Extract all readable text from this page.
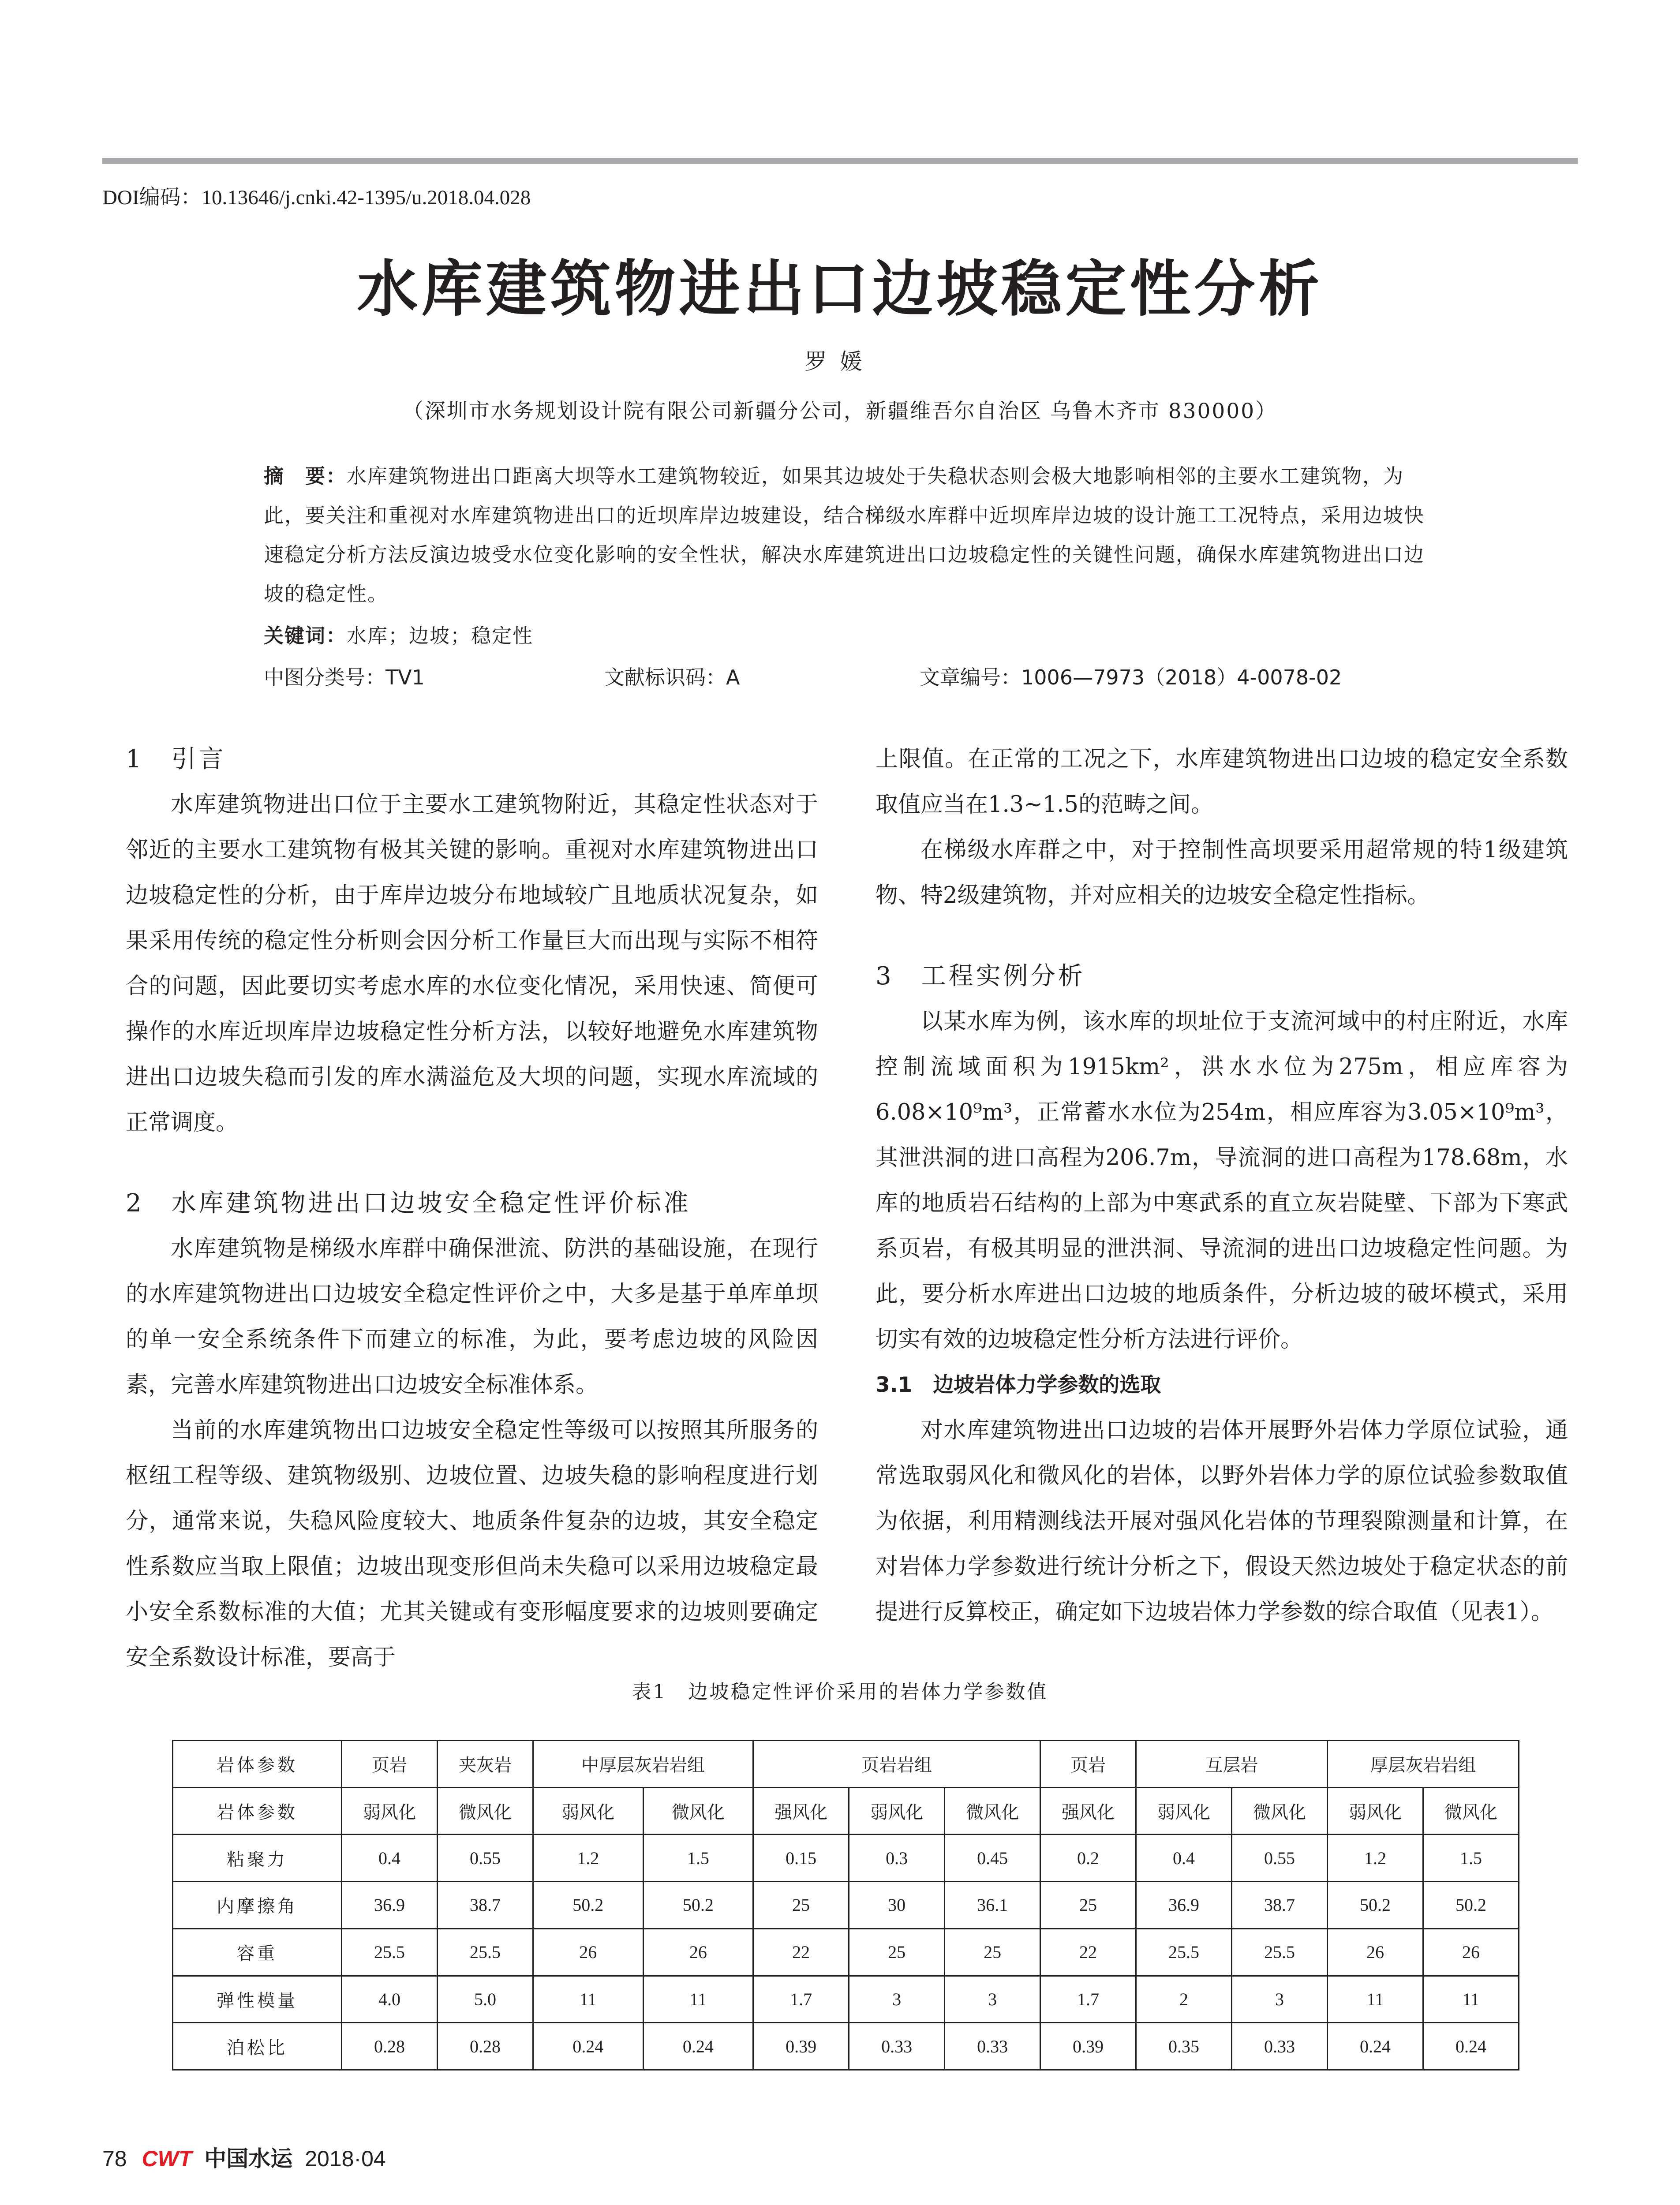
DOI编码：10.13646/j.cnki.42-1395/u.2018.04.028
水库建筑物进出口边坡稳定性分析
罗媛
（深圳市水务规划设计院有限公司新疆分公司，新疆维吾尔自治区 乌鲁木齐市 830000）
摘　要：水库建筑物进出口距离大坝等水工建筑物较近，如果其边坡处于失稳状态则会极大地影响相邻的主要水工建筑物，为此，要关注和重视对水库建筑物进出口的近坝库岸边坡建设，结合梯级水库群中近坝库岸边坡的设计施工工况特点，采用边坡快速稳定分析方法反演边坡受水位变化影响的安全性状，解决水库建筑进出口边坡稳定性的关键性问题，确保水库建筑物进出口边坡的稳定性。
关键词：水库；边坡；稳定性
中图分类号：TV1	文献标识码：A	文章编号：1006—7973（2018）4-0078-02
1　引言

水库建筑物进出口位于主要水工建筑物附近，其稳定性状态对于邻近的主要水工建筑物有极其关键的影响。重视对水库建筑物进出口边坡稳定性的分析，由于库岸边坡分布地域较广且地质状况复杂，如果采用传统的稳定性分析则会因分析工作量巨大而出现与实际不相符合的问题，因此要切实考虑水库的水位变化情况，采用快速、简便可操作的水库近坝库岸边坡稳定性分析方法，以较好地避免水库建筑物进出口边坡失稳而引发的库水满溢危及大坝的问题，实现水库流域的正常调度。

2　水库建筑物进出口边坡安全稳定性评价标准

水库建筑物是梯级水库群中确保泄流、防洪的基础设施，在现行的水库建筑物进出口边坡安全稳定性评价之中，大多是基于单库单坝的单一安全系统条件下而建立的标准，为此，要考虑边坡的风险因素，完善水库建筑物进出口边坡安全标准体系。

当前的水库建筑物出口边坡安全稳定性等级可以按照其所服务的枢纽工程等级、建筑物级别、边坡位置、边坡失稳的影响程度进行划分，通常来说，失稳风险度较大、地质条件复杂的边坡，其安全稳定性系数应当取上限值；边坡出现变形但尚未失稳可以采用边坡稳定最小安全系数标准的大值；尤其关键或有变形幅度要求的边坡则要确定安全系数设计标准，要高于

上限值。在正常的工况之下，水库建筑物进出口边坡的稳定安全系数取值应当在1.3~1.5的范畴之间。

在梯级水库群之中，对于控制性高坝要采用超常规的特1级建筑物、特2级建筑物，并对应相关的边坡安全稳定性指标。

3　工程实例分析

以某水库为例，该水库的坝址位于支流河域中的村庄附近，水库控制流域面积为1915km²，洪水水位为275m，相应库容为6.08×10⁹m³，正常蓄水水位为254m，相应库容为3.05×10⁹m³，其泄洪洞的进口高程为206.7m，导流洞的进口高程为178.68m，水库的地质岩石结构的上部为中寒武系的直立灰岩陡壁、下部为下寒武系页岩，有极其明显的泄洪洞、导流洞的进出口边坡稳定性问题。为此，要分析水库进出口边坡的地质条件，分析边坡的破坏模式，采用切实有效的边坡稳定性分析方法进行评价。

3.1　边坡岩体力学参数的选取

对水库建筑物进出口边坡的岩体开展野外岩体力学原位试验，通常选取弱风化和微风化的岩体，以野外岩体力学的原位试验参数取值为依据，利用精测线法开展对强风化岩体的节理裂隙测量和计算，在对岩体力学参数进行统计分析之下，假设天然边坡处于稳定状态的前提进行反算校正，确定如下边坡岩体力学参数的综合取值（见表1）。

表1　边坡稳定性评价采用的岩体力学参数值
岩体参数	页岩	夹灰岩	中厚层灰岩岩组		页岩岩组			页岩	互层岩		厚层灰岩岩组	
岩体参数	弱风化	微风化	弱风化	微风化	强风化	弱风化	微风化	强风化	弱风化	微风化	弱风化	微风化
粘聚力	0.4	0.55	1.2	1.5	0.15	0.3	0.45	0.2	0.4	0.55	1.2	1.5
内摩擦角	36.9	38.7	50.2	50.2	25	30	36.1	25	36.9	38.7	50.2	50.2
容重	25.5	25.5	26	26	22	25	25	22	25.5	25.5	26	26
弹性模量	4.0	5.0	11	11	1.7	3	3	1.7	2	3	11	11
泊松比	0.28	0.28	0.24	0.24	0.39	0.33	0.33	0.39	0.35	0.33	0.24	0.24
78 CWT 中国水运 2018·04
